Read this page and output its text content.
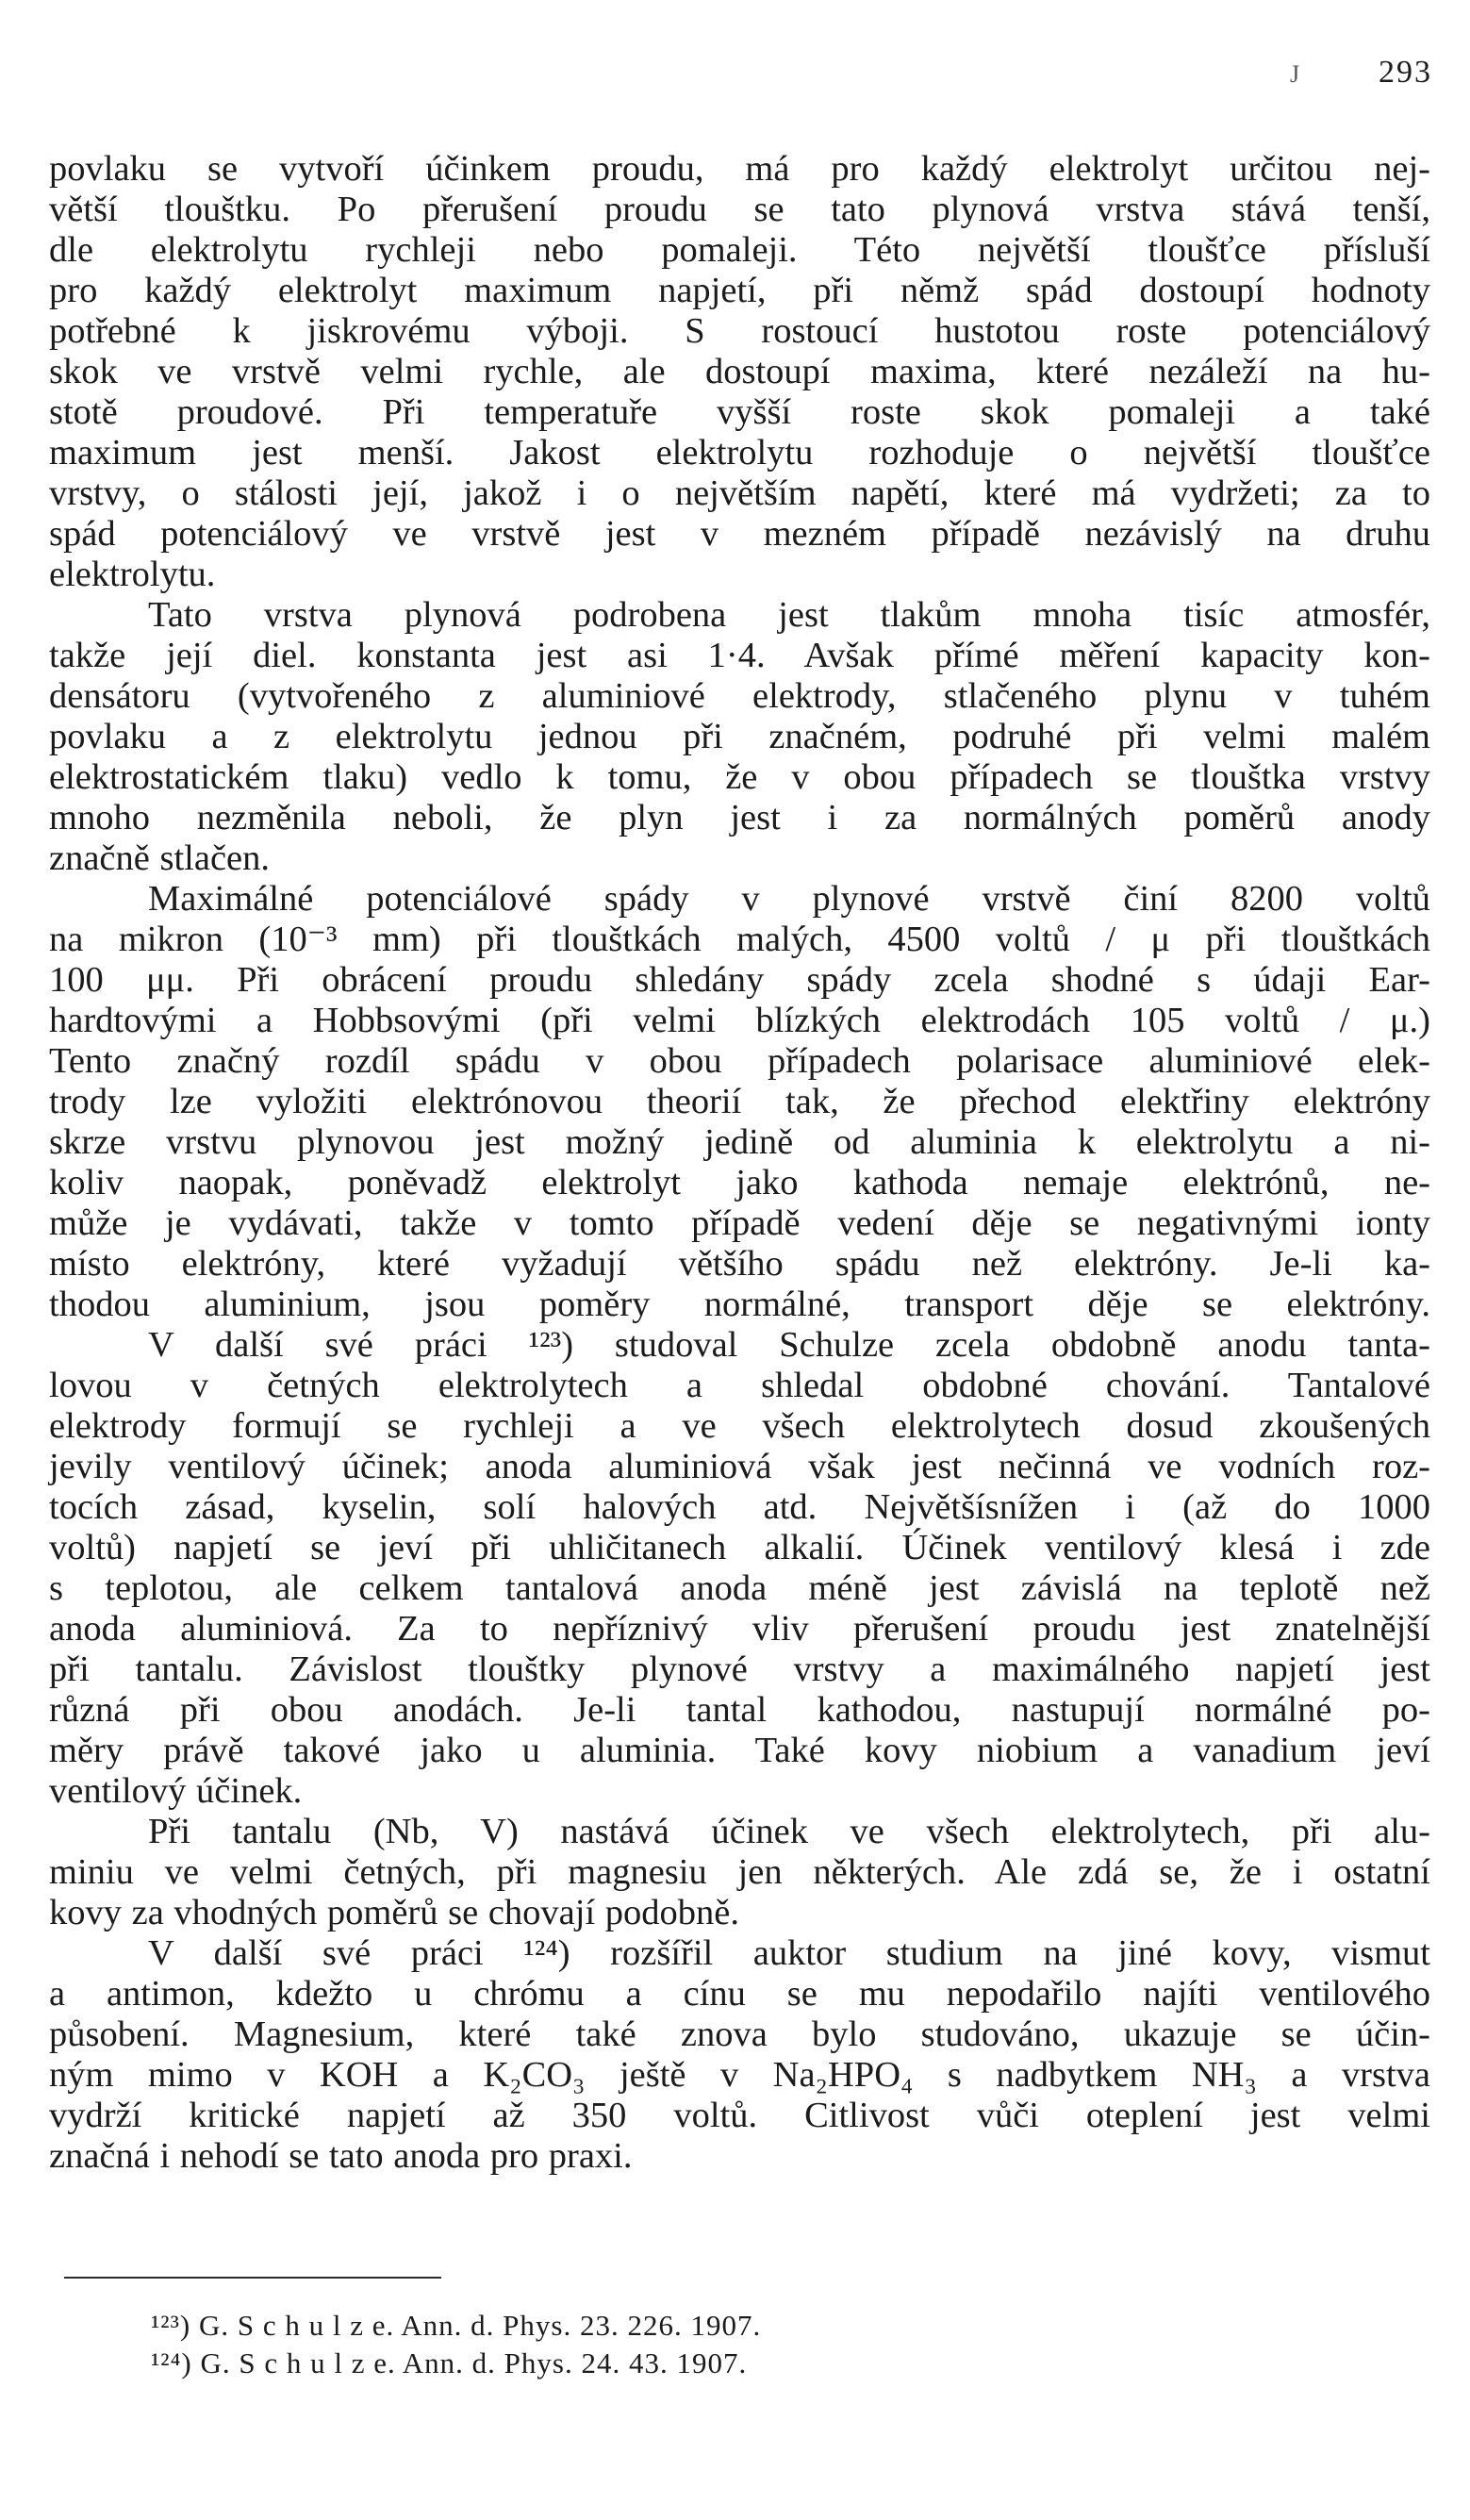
293
J
povlaku se vytvoří účinkem proudu, má pro každý elektrolyt určitou nej-
větší tlouštku. Po přerušení proudu se tato plynová vrstva stává tenší,
dle elektrolytu rychleji nebo pomaleji. Této největší tloušťce přísluší
pro každý elektrolyt maximum napjetí, při němž spád dostoupí hodnoty
potřebné k jiskrovému výboji. S rostoucí hustotou roste potenciálový
skok ve vrstvě velmi rychle, ale dostoupí maxima, které nezáleží na hu-
stotě proudové. Při temperatuře vyšší roste skok pomaleji a také
maximum jest menší. Jakost elektrolytu rozhoduje o největší tloušťce
vrstvy, o stálosti její, jakož i o největším napětí, které má vydržeti; za to
spád potenciálový ve vrstvě jest v mezném případě nezávislý na druhu
elektrolytu.
Tato vrstva plynová podrobena jest tlakům mnoha tisíc atmosfér,
takže její diel. konstanta jest asi 1·4. Avšak přímé měření kapacity kon-
densátoru (vytvořeného z aluminiové elektrody, stlačeného plynu v tuhém
povlaku a z elektrolytu jednou při značném, podruhé při velmi malém
elektrostatickém tlaku) vedlo k tomu, že v obou případech se tlouštka vrstvy
mnoho nezměnila neboli, že plyn jest i za normálných poměrů anody
značně stlačen.
Maximálné potenciálové spády v plynové vrstvě činí 8200 voltů
na mikron (10⁻³ mm) při tlouštkách malých, 4500 voltů / μ při tlouštkách
100 μμ. Při obrácení proudu shledány spády zcela shodné s údaji Ear-
hardtovými a Hobbsovými (při velmi blízkých elektrodách 105 voltů / μ.)
Tento značný rozdíl spádu v obou případech polarisace aluminiové elek-
trody lze vyložiti elektrónovou theorií tak, že přechod elektřiny elektróny
skrze vrstvu plynovou jest možný jedině od aluminia k elektrolytu a ni-
koliv naopak, poněvadž elektrolyt jako kathoda nemaje elektrónů, ne-
může je vydávati, takže v tomto případě vedení děje se negativnými ionty
místo elektróny, které vyžadují většího spádu než elektróny. Je-li ka-
thodou aluminium, jsou poměry normálné, transport děje se elektróny.
V další své práci ¹²³) studoval Schulze zcela obdobně anodu tanta-
lovou v četných elektrolytech a shledal obdobné chování. Tantalové
elektrody formují se rychleji a ve všech elektrolytech dosud zkoušených
jevily ventilový účinek; anoda aluminiová však jest nečinná ve vodních roz-
tocích zásad, kyselin, solí halových atd. Největšísnížen i (až do 1000
voltů) napjetí se jeví při uhličitanech alkalií. Účinek ventilový klesá i zde
s teplotou, ale celkem tantalová anoda méně jest závislá na teplotě než
anoda aluminiová. Za to nepříznivý vliv přerušení proudu jest znatelnější
při tantalu. Závislost tlouštky plynové vrstvy a maximálného napjetí jest
různá při obou anodách. Je-li tantal kathodou, nastupují normálné po-
měry právě takové jako u aluminia. Také kovy niobium a vanadium jeví
ventilový účinek.
Při tantalu (Nb, V) nastává účinek ve všech elektrolytech, při alu-
miniu ve velmi četných, při magnesiu jen některých. Ale zdá se, že i ostatní
kovy za vhodných poměrů se chovají podobně.
V další své práci ¹²⁴) rozšířil auktor studium na jiné kovy, vismut
a antimon, kdežto u chrómu a cínu se mu nepodařilo najíti ventilového
působení. Magnesium, které také znova bylo studováno, ukazuje se účin-
ným mimo v KOH a K₂CO₃ ještě v Na₂HPO₄ s nadbytkem NH₃ a vrstva
vydrží kritické napjetí až 350 voltů. Citlivost vůči oteplení jest velmi
značná i nehodí se tato anoda pro praxi.
¹²³) G. S c h u l z e. Ann. d. Phys. 23. 226. 1907.
¹²⁴) G. S c h u l z e. Ann. d. Phys. 24. 43. 1907.
